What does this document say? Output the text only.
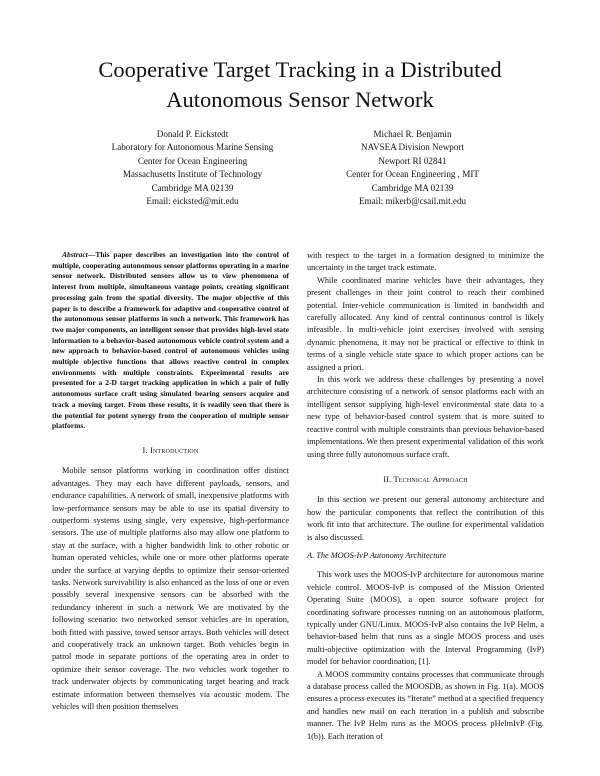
Cooperative Target Tracking in a Distributed
Autonomous Sensor Network
Donald P. Eickstedt
Laboratory for Autonomous Marine Sensing
Center for Ocean Engineering
Massachusetts Institute of Technology
Cambridge MA 02139
Email: eicksted@mit.edu
Michael R. Benjamin
NAVSEA Division Newport
Newport RI 02841
Center for Ocean Engineering , MIT
Cambridge MA 02139
Email: mikerb@csail.mit.edu

Abstract—This paper describes an investigation into the control of multiple, cooperating autonomous sensor platforms operating in a marine sensor network. Distributed sensors allow us to view phenomena of interest from multiple, simultaneous vantage points, creating significant processing gain from the spatial diversity. The major objective of this paper is to describe a framework for adaptive and cooperative control of the autonomous sensor platforms in such a network. This framework has two major components, an intelligent sensor that provides high-level state information to a behavior-based autonomous vehicle control system and a new approach to behavior-based control of autonomous vehicles using multiple objective functions that allows reactive control in complex environments with multiple constraints. Experimental results are presented for a 2-D target tracking application in which a pair of fully autonomous surface craft using simulated bearing sensors acquire and track a moving target. From these results, it is readily seen that there is the potential for potent synergy from the cooperation of multiple sensor platforms.

I. Introduction

Mobile sensor platforms working in coordination offer distinct advantages. They may each have different payloads, sensors, and endurance capabilities. A network of small, inexpensive platforms with low-performance sensors may be able to use its spatial diversity to outperform systems using single, very expensive, high-performance sensors. The use of multiple platforms also may allow one platform to stay at the surface, with a higher bandwidth link to other robotic or human operated vehicles, while one or more other platforms operate under the surface at varying depths to optimize their sensor-oriented tasks. Network survivability is also enhanced as the loss of one or even possibly several inexpensive sensors can be absorbed with the redundancy inherent in such a network We are motivated by the following scenario: two networked sensor vehicles are in operation, both fitted with passive, towed sensor arrays. Both vehicles will detect and cooperatively track an unknown target. Both vehicles begin in patrol mode in separate portions of the operating area in order to optimize their sensor coverage. The two vehicles work together to track underwater objects by communicating target bearing and track estimate information between themselves via acoustic modem. The vehicles will then position themselves

with respect to the target in a formation designed to minimize the uncertainty in the target track estimate.

While coordinated marine vehicles have their advantages, they present challenges in their joint control to reach their combined potential. Inter-vehicle communication is limited in bandwidth and carefully allocated. Any kind of central continuous control is likely infeasible. In multi-vehicle joint exercises involved with sensing dynamic phenomena, it may not be practical or effective to think in terms of a single vehicle state space to which proper actions can be assigned a priori.

In this work we address these challenges by presenting a novel architecture consisting of a network of sensor platforms each with an intelligent sensor supplying high-level environmental state data to a new type of behavior-based control system that is more suited to reactive control with multiple constraints than previous behavior-based implementations. We then present experimental validation of this work using three fully autonomous surface craft.

II. Technical Approach

In this section we present our general autonomy architecture and how the particular components that reflect the contribution of this work fit into that architecture. The outline for experimental validation is also discussed.

A. The MOOS-IvP Autonomy Architecture

This work uses the MOOS-IvP architecture for autonomous marine vehicle control. MOOS-IvP is composed of the Mission Oriented Operating Suite (MOOS), a open source software project for coordinating software processes running on an autonomous platform, typically under GNU/Linux. MOOS-IvP also contains the IvP Helm, a behavior-based helm that runs as a single MOOS process and uses multi-objective optimization with the Interval Programming (IvP) model for behavior coordination, [1].

A MOOS community contains processes that communicate through a database process called the MOOSDB, as shown in Fig. 1(a). MOOS ensures a process executes its “Iterate” method at a specified frequency and handles new mail on each iteration in a publish and subscribe manner. The IvP Helm runs as the MOOS process pHelmIvP (Fig. 1(b)). Each iteration of
